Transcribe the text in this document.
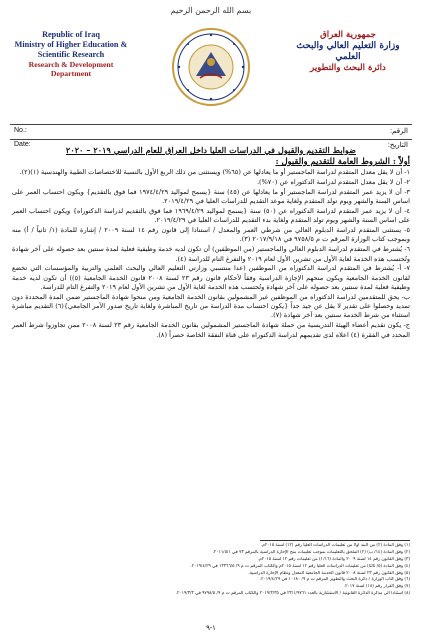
بسم الله الرحمن الرحيم
Republic of Iraq
Ministry of Higher Education &
Scientific Research
Research & Development
Department
جمهورية العراق
وزارة التعليم العالي والبحث العلمي
دائرة البحث والتطوير
No.:	الرقم:
Date:	التاريخ:
ضوابط التقديم والقبول في الدراسات العليا داخل العراق للعام الدراسي ٢٠١٩ – ٢٠٢٠
أولاً : الشروط العامة للتقديم والقبول :

١- أن لا يقل معدل المتقدم لدراسة الماجستير أو ما يعادلها عن (٦٥%) ويستثنى من ذلك الربع الأول بالنسبة للاختصاصات الطبية والهندسية (١)(٢).

٢- أن لا يقل معدل المتقدم لدراسة الدكتوراه عن (٧٠%).

٣- أن لا يزيد عمر المتقدم لدراسة الماجستير أو ما يعادلها عن (٤٥) سنة {يسمح لمواليد ١٩٧٤/٤/٢٩ فما فوق بالتقديم} ويكون احتساب العمر على اساس السنة والشهر ويوم تولد المتقدم ولغاية موعد التقديم للدراسات العليا في ٢٠١٩/٤/٢٩.

٤- أن لا يزيد عمر المتقدم لدراسة الدكتوراه عن (٥٠) سنة {يسمح لمواليد ١٩٦٩/٤/٢٩ فما فوق بالتقديم لدراسة الدكتوراه} ويكون احتساب العمر على اساس السنة والشهر ويوم تولد المتقدم ولغاية بدء التقديم للدراسات العليا في ٢٠١٩/٤/٢٩.

٥- يستثنى المتقدم لدراسة الدبلوم العالي من شرطي العمر والمعدل / استنادا إلى قانون رقم ١٤ لسنة ٢٠٠٩ / إشارة للمادة (١/ ثانياً / أ) منه وبموجب كتاب الوزارة المرقم ت م ٩٧٥٨/٥ في ٢٠١٧/٩/١٨ (٣).

٦- يُشترط في المتقدم لدراسة الدبلوم العالي والماجستير (من الموظفين) أن تكون لديه خدمة وظيفية فعلية لمدة سنتين بعد حصوله على آخر شهادة وتُحتسب هذه الخدمة لغاية الأول من تشرين الأول لعام ٢٠١٩ والتفرغ التام للدراسة (٤).

٧- أ- يُشترط في المتقدم لدراسة الدكتوراه من الموظفين (عدا منتسبي وزارتي التعليم العالي والبحث العلمي والتربية والمؤسسات التي تخضع لقانون الخدمة الجامعية ويكون منحهم الإجازة الدراسية وفقاً لأحكام قانون رقم ٢٣ لسنة ٢٠٠٨ قانون الخدمة الجامعية (٥)) أن تكون لديه خدمة وظيفية فعلية لمدة سنتين بعد حصوله على آخر شهادة وتُحتسب هذه الخدمة لغاية الأول من تشرين الأول لعام ٢٠١٩ والتفرغ التام للدراسة.

ب- يحق للمتقدمين لدراسة الدكتوراه من الموظفين غير المشمولين بقانون الخدمة الجامعية ومن منحوا شهادة الماجستير ضمن المدة المحددة دون تمديد وحصلوا على تقدير لا يقل عن جيد جداً {يكون احتساب مدة الدراسة من تاريخ المباشرة ولغاية تاريخ صدور الأمر الجامعي}(٦) التقديم مباشرة استثناء من شرط الخدمة سنتين بعد آخر شهادة (٧).

ج- يكون تقديم أعضاء الهيئة التدريسية من حملة شهادة الماجستير المشمولين بقانون الخدمة الجامعية رقم ٢٣ لسنة ٢٠٠٨ ممن تجاوزوا شرط العمر المحدد في الفقرة (٤) اعلاه لدى تقديمهم لدراسة الدكتوراه على قناة النفقة الخاصة حصراً (٨).

(١) وفق المادة (٢) من البند أولاً من تعليمات الدراسات العليا رقم (١٢) لسنة ٢٠١٥م.
(٢) وفق المادة (١٤/ ب) (٢) الملحق بالتعليمات بموجب تعليمات منح الإجازة الدراسية بالمرقم ٧٣ في ٢٠١١/٥/١.
(٣) وفق القانون رقم ١٤ لسنة ٢٠٠٩ والمادة (١٦/ أ) من تعليمات رقم ١٢ لسنة ٢٠١٥م.
(٤) وفق المادة (٥/ ثالثاً) من تعليمات الدراسات العليا رقم ١٢ لسنة ٢٠١٥م والكتاب المرقم ت م ٩/ ١٣٣٦٦/٥ في ٢٠١٩/٤/٢٩.
(٥) وفق القانون رقم ٢٣ لسنة ٢٠٠٨ قانون الخدمة الجامعية المعدل ونظام الإجازة الدراسية.
(٦) وفق كتاب الوزارة / دائرة البحث والتطوير المرقم ت م ٩/ ١٠١٨٠ في ٢٠١٩/٤/٢٩.
(٧) وفق القرار رقم (١٨) لسنة ٢٠١٧.
(٨) استناداً الى مذكرة الدائرة القانونية / الاستشارية بالعدد ٢٣/١/٩٧٦١ في ٢٠١٩/٣/٣٥ والكتاب المرقم ت م ٩/ ٩٧٩٨/٥ في ٢٠١٩/٣/٣.
١-٩
